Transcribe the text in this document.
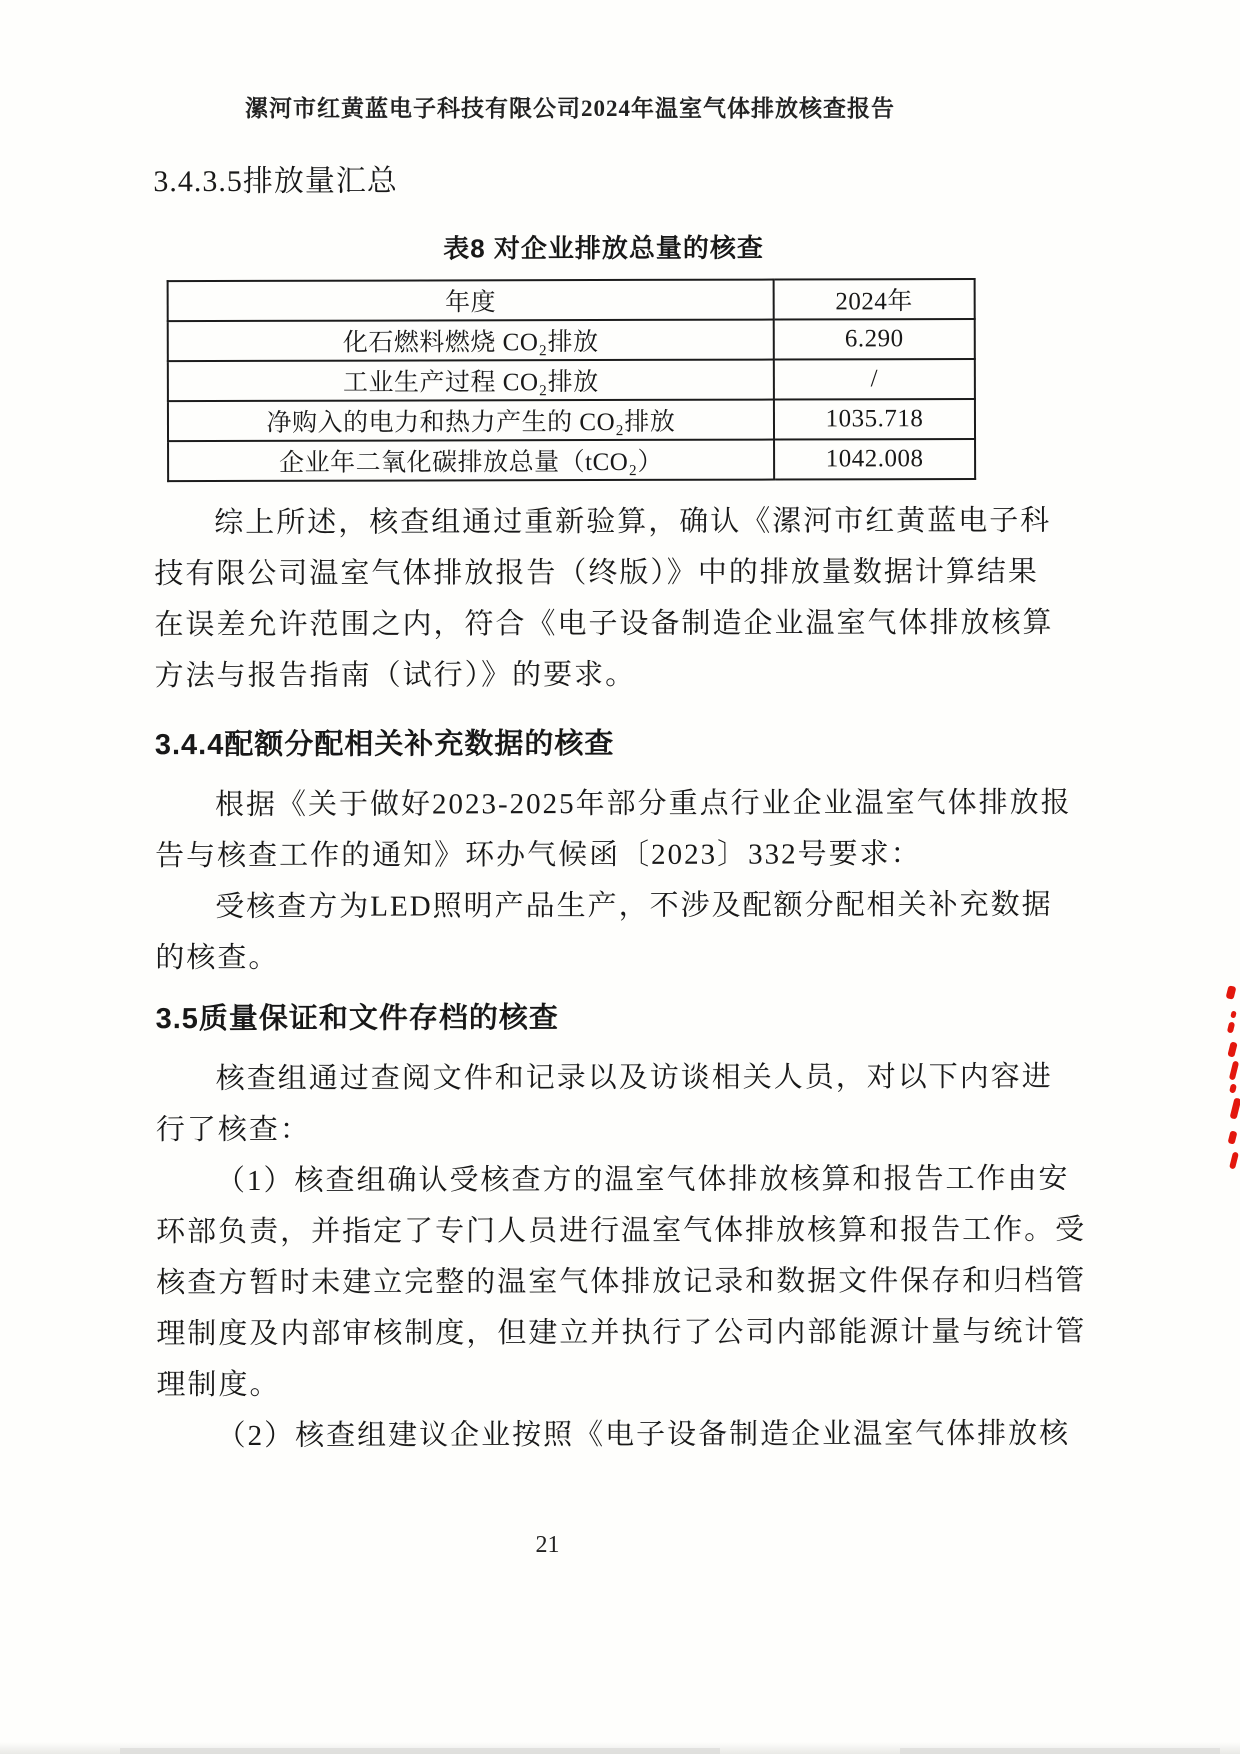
漯河市红黄蓝电子科技有限公司2024年温室气体排放核查报告
3.4.3.5排放量汇总
表8 对企业排放总量的核查
年度	2024年
化石燃料燃烧 CO₂排放	6.290
工业生产过程 CO₂排放	/
净购入的电力和热力产生的 CO₂排放	1035.718
企业年二氧化碳排放总量（tCO₂）	1042.008
综上所述，核查组通过重新验算，确认《漯河市红黄蓝电子科
技有限公司温室气体排放报告（终版）》中的排放量数据计算结果
在误差允许范围之内，符合《电子设备制造企业温室气体排放核算
方法与报告指南（试行）》的要求。
3.4.4配额分配相关补充数据的核查
根据《关于做好2023-2025年部分重点行业企业温室气体排放报
告与核查工作的通知》环办气候函〔2023〕332号要求：
受核查方为LED照明产品生产，不涉及配额分配相关补充数据
的核查。
3.5质量保证和文件存档的核查
核查组通过查阅文件和记录以及访谈相关人员，对以下内容进
行了核查：
（1）核查组确认受核查方的温室气体排放核算和报告工作由安
环部负责，并指定了专门人员进行温室气体排放核算和报告工作。受
核查方暂时未建立完整的温室气体排放记录和数据文件保存和归档管
理制度及内部审核制度，但建立并执行了公司内部能源计量与统计管
理制度。
（2）核查组建议企业按照《电子设备制造企业温室气体排放核
21
